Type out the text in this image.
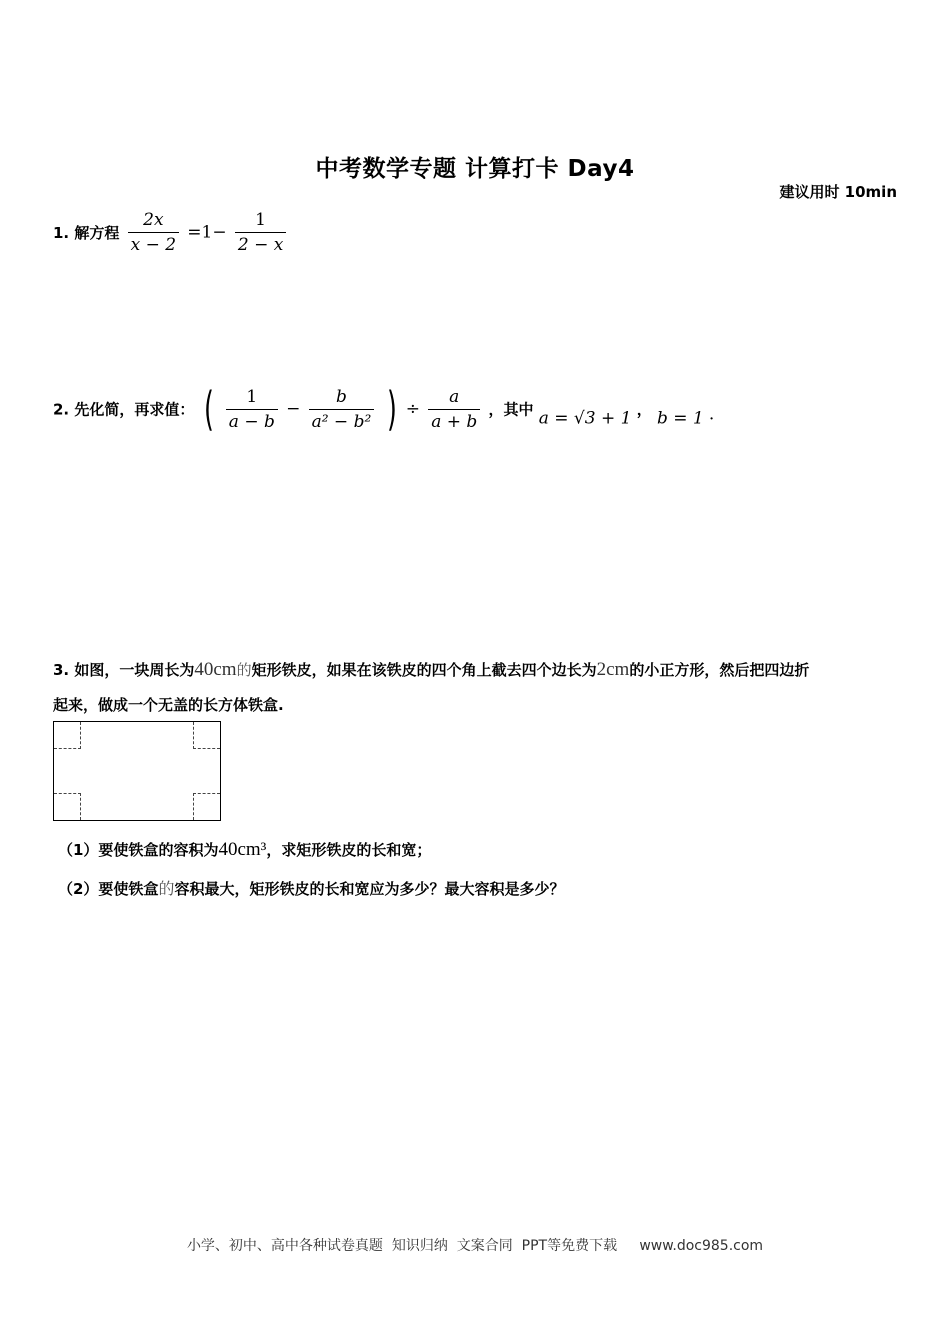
中考数学专题 计算打卡 Day4
建议用时 10min
1. 解方程 $\frac{2x}{x - 2} =1- \frac{1}{2 - x}$
2. 先化简，再求值： ( $\frac{1}{a - b} - \frac{b}{\text{a² − b²}}$ ) ÷ $\frac{a}{a + b}$ ，其中 a = √3 + 1 ， b = 1 .
3. 如图，一块周长为40cm的矩形铁皮，如果在该铁皮的四个角上截去四个边长为2cm的小正方形，然后把四边折
起来，做成一个无盖的长方体铁盒.
（1）要使铁盒的容积为40cm³，求矩形铁皮的长和宽；
（2）要使铁盒的容积最大，矩形铁皮的长和宽应为多少？最大容积是多少？
小学、初中、高中各种试卷真题  知识归纳  文案合同  PPT等免费下载     www.doc985.com
